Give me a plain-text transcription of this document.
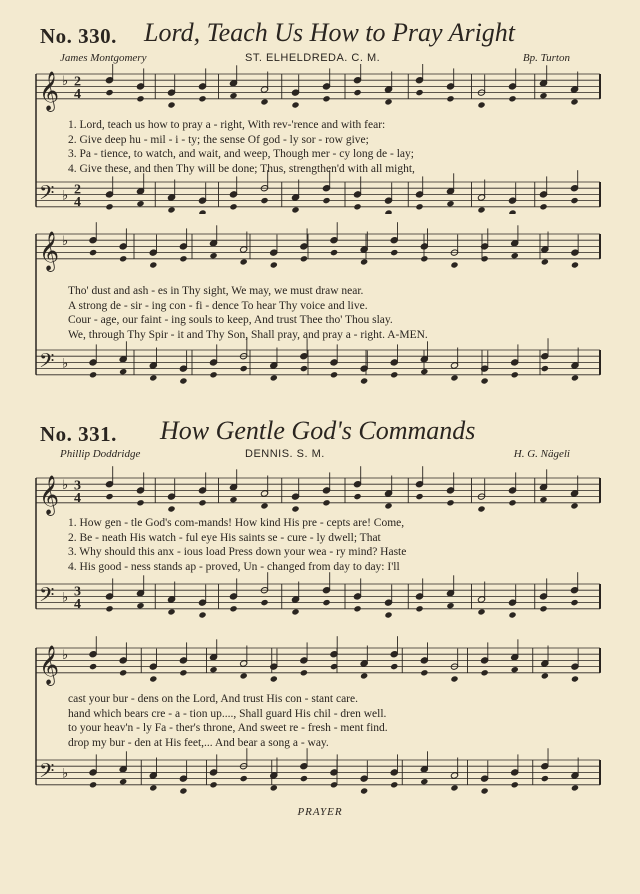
No. 330. Lord, Teach Us How to Pray Aright
James Montgomery	ST. ELHELDREDA. C. M.	Bp. Turton
𝄞 ♭ 2
4
𝄢 ♭ 2
4
1. Lord, teach us how to pray a - right, With rev-'rence and with fear:
2. Give deep hu - mil - i - ty; the sense Of god - ly sor - row give;
3. Pa - tience, to watch, and wait, and weep, Though mer - cy long de - lay;
4. Give these, and then Thy will be done; Thus, strengthen'd with all might,
𝄞 ♭
𝄢 ♭
Tho' dust and ash - es in Thy sight, We may, we must draw near.
A strong de - sir - ing con - fi - dence To hear Thy voice and live.
Cour - age, our faint - ing souls to keep, And trust Thee tho' Thou slay.
We, through Thy Spir - it and Thy Son, Shall pray, and pray a - right. A-MEN.
No. 331. How Gentle God's Commands
Phillip Doddridge	DENNIS. S. M.	H. G. Nägeli
𝄞 ♭ 3
4
𝄢 ♭ 3
4
1. How gen - tle God's com-mands! How kind His pre - cepts are! Come,
2. Be - neath His watch - ful eye His saints se - cure - ly dwell; That
3. Why should this anx - ious load Press down your wea - ry mind? Haste
4. His good - ness stands ap - proved, Un - changed from day to day: I'll
𝄞 ♭
𝄢 ♭
cast your bur - dens on the Lord, And trust His con - stant care.
hand which bears cre - a - tion up...., Shall guard His chil - dren well.
to your heav'n - ly Fa - ther's throne, And sweet re - fresh - ment find.
drop my bur - den at His feet,... And bear a song a - way.
PRAYER
